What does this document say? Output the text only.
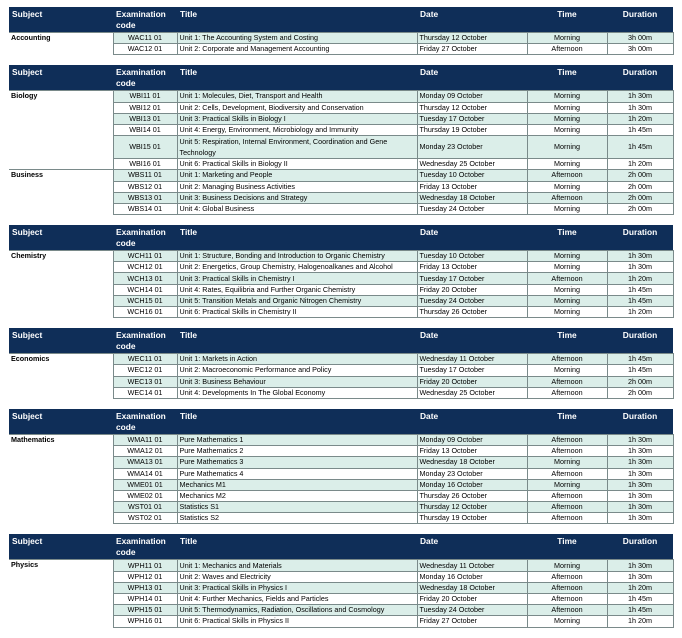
Subject	Examination code	Title	Date	Time	Duration
Accounting	WAC11 01	Unit 1: The Accounting System and Costing	Thursday 12 October	Morning	3h 00m
	WAC12 01	Unit 2: Corporate and Management Accounting	Friday 27 October	Afternoon	3h 00m
Subject	Examination code	Title	Date	Time	Duration
Biology	WBI11 01	Unit 1: Molecules, Diet, Transport and Health	Monday 09 October	Morning	1h 30m
	WBI12 01	Unit 2: Cells, Development, Biodiversity and Conservation	Thursday 12 October	Morning	1h 30m
	WBI13 01	Unit 3: Practical Skills in Biology I	Tuesday 17 October	Morning	1h 20m
	WBI14 01	Unit 4: Energy, Environment, Microbiology and Immunity	Thursday 19 October	Morning	1h 45m
	WBI15 01	Unit 5: Respiration, Internal Environment, Coordination and Gene Technology	Monday 23 October	Morning	1h 45m
	WBI16 01	Unit 6: Practical Skills in Biology II	Wednesday 25 October	Morning	1h 20m
Business	WBS11 01	Unit 1: Marketing and People	Tuesday 10 October	Afternoon	2h 00m
	WBS12 01	Unit 2: Managing Business Activities	Friday 13 October	Morning	2h 00m
	WBS13 01	Unit 3: Business Decisions and Strategy	Wednesday 18 October	Afternoon	2h 00m
	WBS14 01	Unit 4: Global Business	Tuesday 24 October	Morning	2h 00m
Subject	Examination code	Title	Date	Time	Duration
Chemistry	WCH11 01	Unit 1: Structure, Bonding and Introduction to Organic Chemistry	Tuesday 10 October	Morning	1h 30m
	WCH12 01	Unit 2: Energetics, Group Chemistry, Halogenoalkanes and Alcohol	Friday 13 October	Morning	1h 30m
	WCH13 01	Unit 3: Practical Skills in Chemistry I	Tuesday 17 October	Afternoon	1h 20m
	WCH14 01	Unit 4: Rates, Equilibria and Further Organic Chemistry	Friday 20 October	Morning	1h 45m
	WCH15 01	Unit 5: Transition Metals and Organic Nitrogen Chemistry	Tuesday 24 October	Morning	1h 45m
	WCH16 01	Unit 6: Practical Skills in Chemistry II	Thursday 26 October	Morning	1h 20m
Subject	Examination code	Title	Date	Time	Duration
Economics	WEC11 01	Unit 1: Markets in Action	Wednesday 11 October	Afternoon	1h 45m
	WEC12 01	Unit 2: Macroeconomic Performance and Policy	Tuesday 17 October	Morning	1h 45m
	WEC13 01	Unit 3: Business Behaviour	Friday 20 October	Afternoon	2h 00m
	WEC14 01	Unit 4: Developments In The Global Economy	Wednesday 25 October	Afternoon	2h 00m
Subject	Examination code	Title	Date	Time	Duration
Mathematics	WMA11 01	Pure Mathematics 1	Monday 09 October	Afternoon	1h 30m
	WMA12 01	Pure Mathematics 2	Friday 13 October	Afternoon	1h 30m
	WMA13 01	Pure Mathematics 3	Wednesday 18 October	Morning	1h 30m
	WMA14 01	Pure Mathematics 4	Monday 23 October	Afternoon	1h 30m
	WME01 01	Mechanics M1	Monday 16 October	Morning	1h 30m
	WME02 01	Mechanics M2	Thursday 26 October	Afternoon	1h 30m
	WST01 01	Statistics S1	Thursday 12 October	Afternoon	1h 30m
	WST02 01	Statistics S2	Thursday 19 October	Afternoon	1h 30m
Subject	Examination code	Title	Date	Time	Duration
Physics	WPH11 01	Unit 1: Mechanics and Materials	Wednesday 11 October	Morning	1h 30m
	WPH12 01	Unit 2: Waves and Electricity	Monday 16 October	Afternoon	1h 30m
	WPH13 01	Unit 3: Practical Skills in Physics I	Wednesday 18 October	Afternoon	1h 20m
	WPH14 01	Unit 4: Further Mechanics, Fields and Particles	Friday 20 October	Afternoon	1h 45m
	WPH15 01	Unit 5: Thermodynamics, Radiation, Oscillations and Cosmology	Tuesday 24 October	Afternoon	1h 45m
	WPH16 01	Unit 6: Practical Skills in Physics II	Friday 27 October	Morning	1h 20m
